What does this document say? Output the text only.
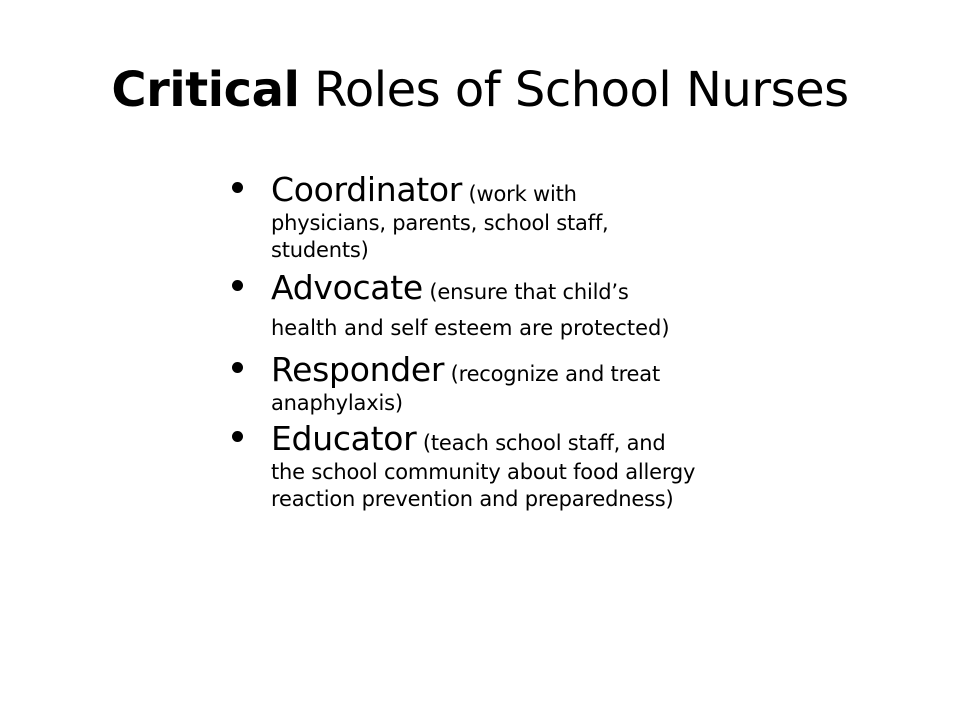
Critical Roles of School Nurses
Coordinator (work with physicians, parents, school staff, students)
Advocate (ensure that child’s
health and self esteem are protected)
Responder (recognize and treat anaphylaxis)
Educator (teach school staff, and the school community about food allergy reaction prevention and preparedness)
